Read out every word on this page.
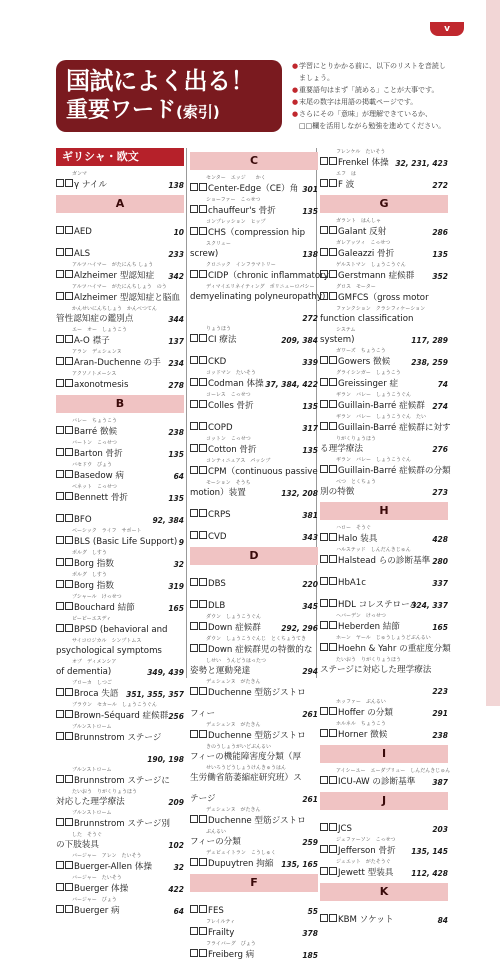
v
国試によく出る！
重要ワード(索引)
● 学習にとりかかる前に、以下のリストを音読し
ましょう。
● 重要語句はまず「読める」ことが大事です。
● 末尾の数字は用語の掲載ページです。
● さらにその「意味」が理解できているか、
□□欄を活用しながら勉強を進めてください。
ギリシャ・欧文
ガンマ
γ ナイル	138
A
AED	10
ALS	233
アルツハイマー　がたにんち しょう
Alzheimer 型認知症 342
アルツハイマー　がたにんちしょう　のう
Alzheimer 型認知症と脳血
かんせいにんちしょう　かんべつてん
管性認知症の鑑別点	344
エー　オー　しょうこう
A-O 襟子	137
アラン　デュシェンヌ
Aran-Duchenne の手 234
アクソノトメーシス
axonotmesis	278
B
バレー　ちょうこう
Barré 徴候	238
バートン　こっせつ
Barton 骨折	135
バセドウ　びょう
Basedow 病	64
ベネット　こっせつ
Bennett 骨折	135
BFO	92, 384
ベーシック　ライフ　サポート
BLS (Basic Life Support) 9
ボルグ　しすう
Borg 指数	32
ボルグ　しすう
Borg 指数	319
ブシャール　けっせつ
Bouchard 結節	165
ビーピーエスディ
BPSD (behavioral and
サイコロジカル　シンプトムス
psychological symptoms
オブ　ディメンシア
of dementia)	349, 439
ブローカ　しつご
Broca 失語 351, 355, 357
ブラウン　セカール　しょうこうぐん
Brown-Séquard 症候群 256
ブルンストローム
Brunnstrom ステージ
190, 198
ブルンストローム
Brunnstrom ステージに
たいおう　りがくりょうほう
対応した理学療法	209
ブルンストローム
Brunnstrom ステージ別
した　そうぐ
の下肢装具	102
バージャー　アレン　たいそう
Buerger-Allen 体操	32
バージャー　たいそう
Buerger 体操	422
バージャー　びょう
Buerger 病	64
C
センター　エッジ　　かく
Center-Edge（CE）角 301
ショーファー　こっせつ
chauffeur's 骨折	135
コンプレッション　ヒップ
CHS（compression hip
スクリュー
screw)	138
クロニック　インフラマトリー
CIDP（chronic inflammatory
ディマイエリネイティング　ポリニューロパシー
demyelinating polyneuropathy)
272
りょうほう
CI 療法	209, 384
CKD	339
コッドマン　たいそう
Codman 体操 37, 384, 422
コーレス　こっせつ
Colles 骨折	135
COPD	317
コットン　こっせつ
Cotton 骨折	135
コンティニュアス　パッシブ
CPM（continuous passive
モーション　そうち
motion）装置	132, 208
CRPS	381
CVD	343
D
DBS	220
DLB	345
ダウン　しょうこうぐん
Down 症候群	292, 296
ダウン　しょうこうぐんじ　とくちょうてき
Down 症候群児の特徴的な
しせい　うんどうはったつ
姿勢と運動発達	294
デュシェンヌ　がたきん
Duchenne 型筋ジストロ
フィー	261
デュシェンヌ　がたきん
Duchenne 型筋ジストロ
きのうしょうがいどぶんるい
フィーの機能障害度分類（厚
せいろうどうしょうけんきゅうはん
生労働省筋萎縮症研究班）ス
テージ	261
デュシェンヌ　がたきん
Duchenne 型筋ジストロ
ぶんるい
フィーの分類	259
デュピュイトラン　こうしゅく
Dupuytren 拘縮 135, 165
F
FES	55
フレイルティ
Frailty	378
フライバーグ　びょう
Freiberg 病	185
フレンケル　たいそう
Frenkel 体操 32, 231, 423
エフ　は
F 波	272
G
ガラント　はんしゃ
Galant 反射	286
ガレアッツィ　こっせつ
Galeazzi 骨折	135
ゲルストマン　しょうこうぐん
Gerstmann 症候群 352
グロス　モーター
GMFCS（gross motor
ファンクション　クラシフィケーション
function classification
システム
system)	117, 289
ガワーズ　ちょうこう
Gowers 徴候	238, 259
グライシンガー　しょうこう
Greissinger 症	74
ギラン　バレー　しょうこうぐん
Guillain-Barré 症候群 274
ギラン　バレー　しょうこうぐん　たい
Guillain-Barré 症候群に対す
りがくりょうほう
る理学療法	276
ギラン　バレー　しょうこうぐん
Guillain-Barré 症候群の分類
べつ　とくちょう
別の特徴	273
H
ハロー　そうぐ
Halo 装具	428
ハルステッド　しんだんきじゅん
Halstead らの診断基準 280
HbA1c	337
HDL コレステロール
324, 337
ヘバーデン　けっせつ
Heberden 結節	165
ホーン　ヤール　じゅうしょうどぶんるい
Hoehn & Yahr の重症度分類
たいおう　りがくりょうほう
ステージに対応した理学療法
223
ホッファー　ぶんるい
Hoffer の分類	291
ホルネル　ちょうこう
Horner 徴候	238
I
アイシーユー　エーダブリュー　しんだんきじゅん
ICU-AW の診断基準 387
J
JCS	203
ジェファーソン　こっせつ
Jefferson 骨折 135, 145
ジュエット　がたそうぐ
Jewett 型装具 112, 428
K
KBM ソケット	84
